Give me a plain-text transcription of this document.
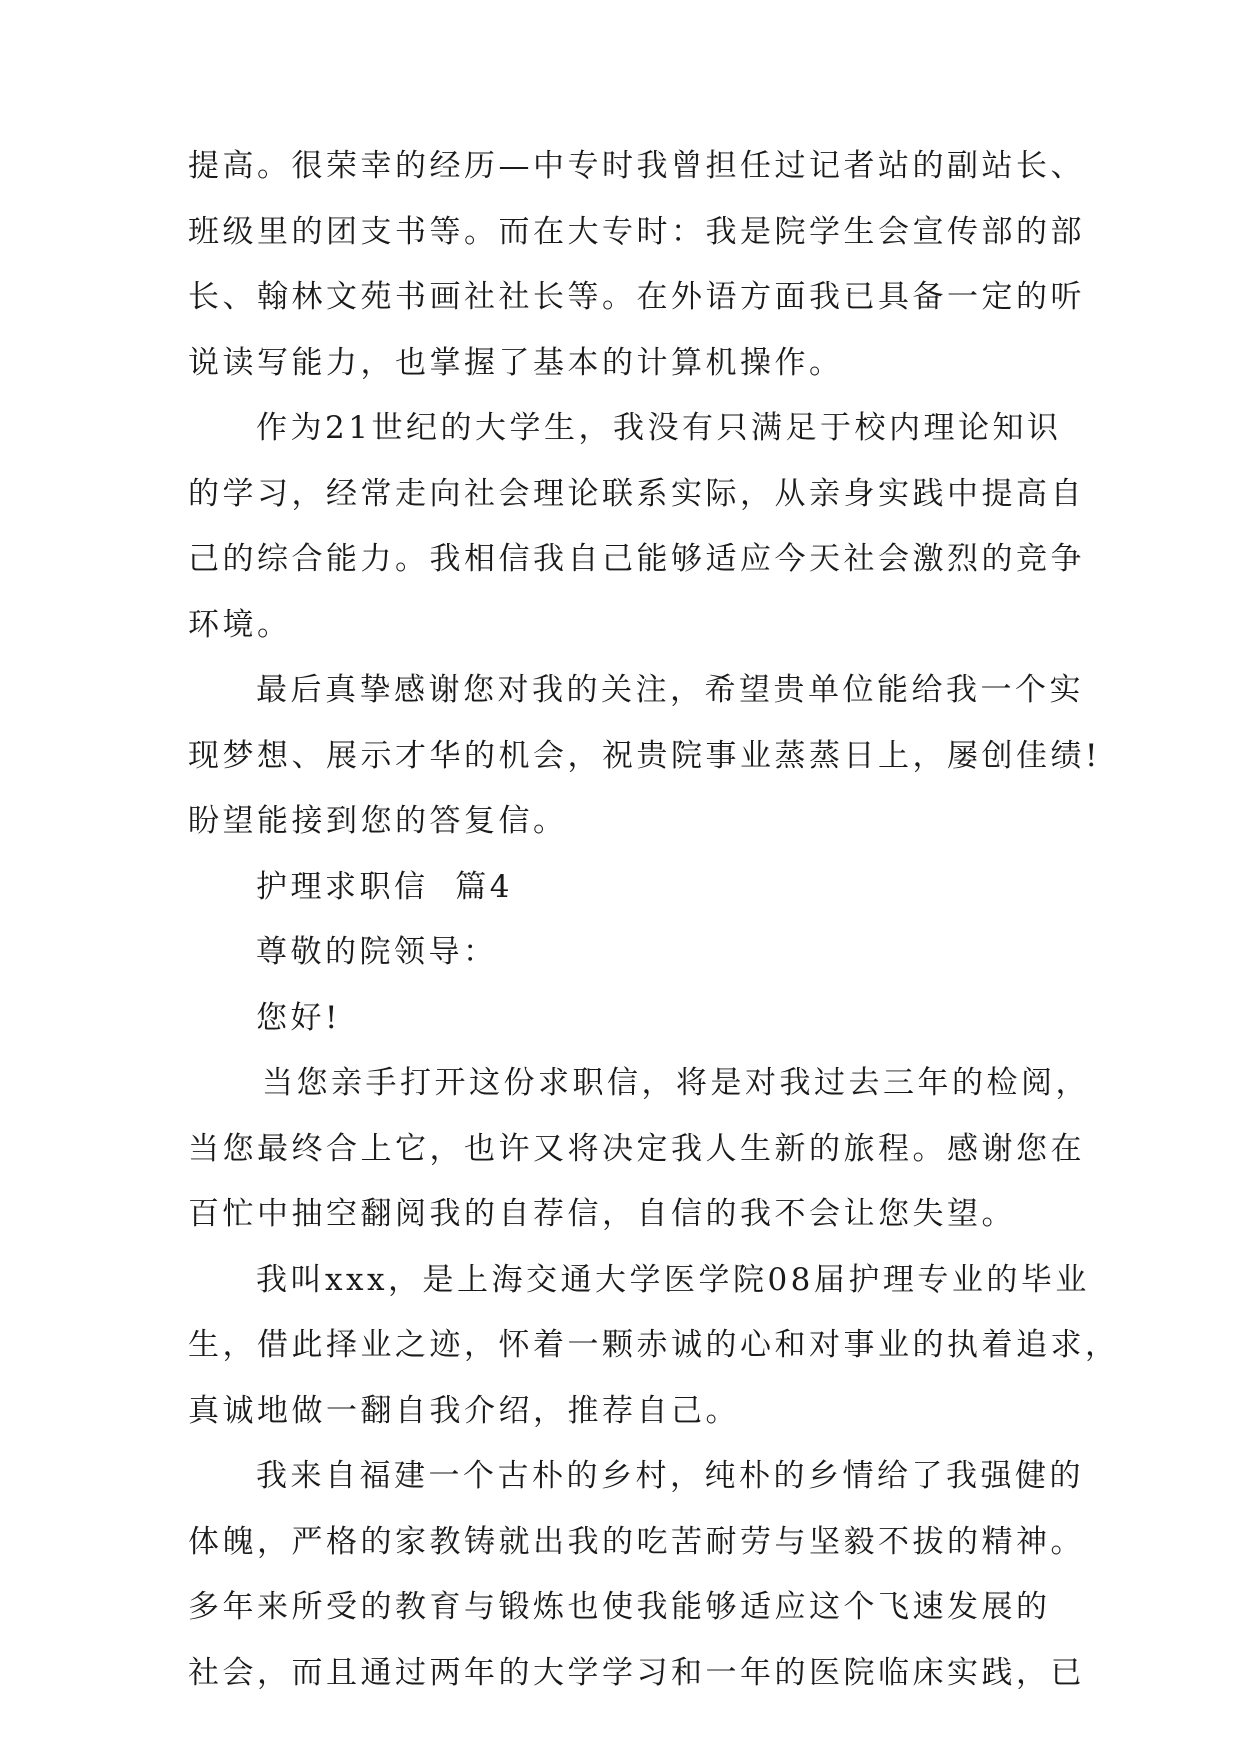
提高。很荣幸的经历—中专时我曾担任过记者站的副站长、
班级里的团支书等。而在大专时：我是院学生会宣传部的部
长、翰林文苑书画社社长等。在外语方面我已具备一定的听
说读写能力，也掌握了基本的计算机操作。
作为21世纪的大学生，我没有只满足于校内理论知识
的学习，经常走向社会理论联系实际，从亲身实践中提高自
己的综合能力。我相信我自己能够适应今天社会激烈的竞争
环境。
最后真挚感谢您对我的关注，希望贵单位能给我一个实
现梦想、展示才华的机会，祝贵院事业蒸蒸日上，屡创佳绩!
盼望能接到您的答复信。
护理求职信  篇4
尊敬的院领导：
您好!
当您亲手打开这份求职信，将是对我过去三年的检阅，
当您最终合上它，也许又将决定我人生新的旅程。感谢您在
百忙中抽空翻阅我的自荐信，自信的我不会让您失望。
我叫xxx，是上海交通大学医学院08届护理专业的毕业
生，借此择业之迹，怀着一颗赤诚的心和对事业的执着追求，
真诚地做一翻自我介绍，推荐自己。
我来自福建一个古朴的乡村，纯朴的乡情给了我强健的
体魄，严格的家教铸就出我的吃苦耐劳与坚毅不拔的精神。
多年来所受的教育与锻炼也使我能够适应这个飞速发展的
社会，而且通过两年的大学学习和一年的医院临床实践，已
